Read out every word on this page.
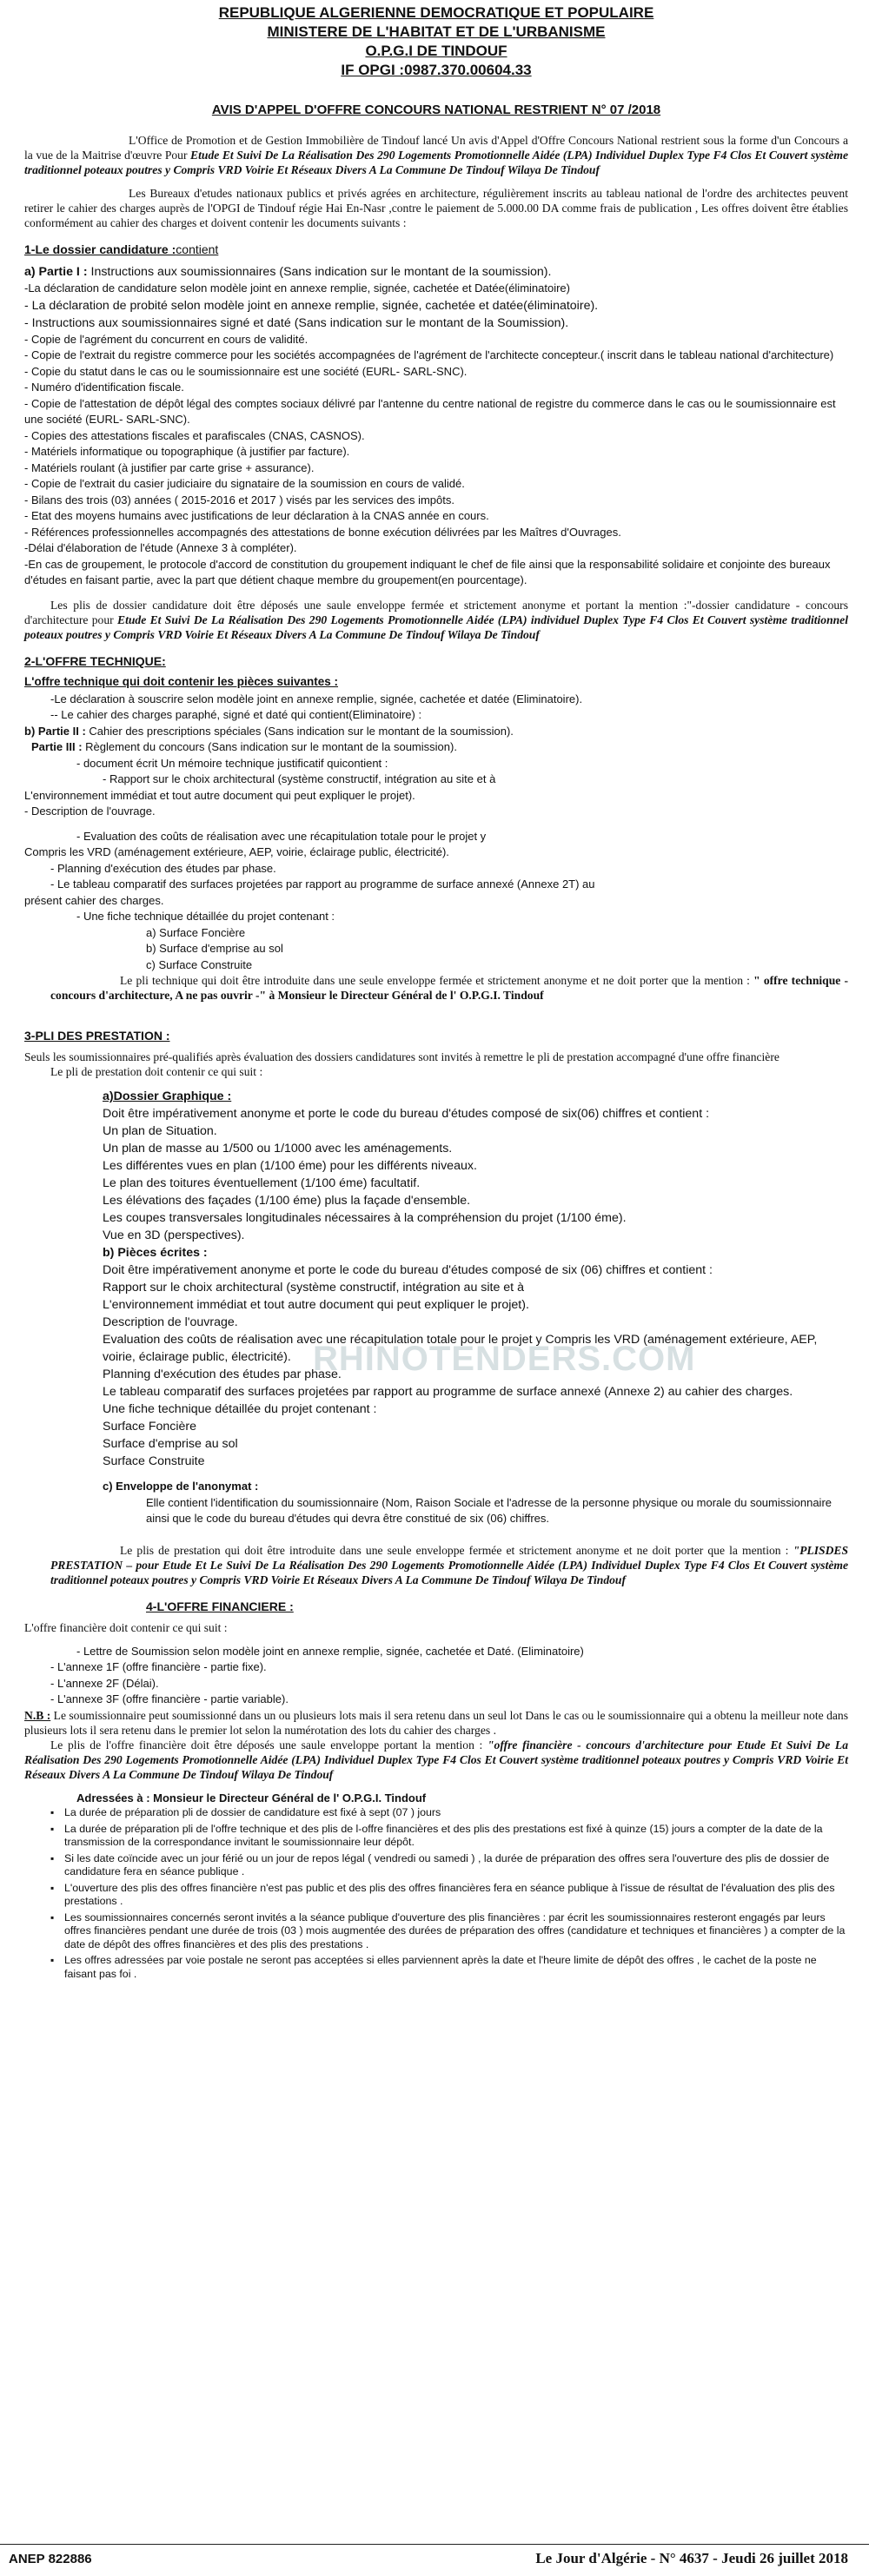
REPUBLIQUE ALGERIENNE DEMOCRATIQUE ET POPULAIRE
MINISTERE DE L'HABITAT ET DE L'URBANISME
O.P.G.I DE TINDOUF
IF OPGI :0987.370.00604.33
AVIS D'APPEL D'OFFRE CONCOURS NATIONAL RESTRIENT N° 07 /2018

L'Office de Promotion et de Gestion Immobilière de Tindouf lancé Un avis d'Appel d'Offre Concours National restrient sous la forme d'un Concours a la vue de la Maitrise d'œuvre Pour Etude Et Suivi De La Réalisation Des 290 Logements Promotionnelle Aidée (LPA) Individuel Duplex Type F4 Clos Et Couvert système traditionnel poteaux poutres y Compris VRD Voirie Et Réseaux Divers A La Commune De Tindouf Wilaya De Tindouf

Les Bureaux d'etudes nationaux publics et privés agrées en architecture, régulièrement inscrits au tableau national de l'ordre des architectes peuvent retirer le cahier des charges auprès de l'OPGI de Tindouf régie Hai En-Nasr ,contre le paiement de 5.000.00 DA comme frais de publication , Les offres doivent être établies conformément au cahier des charges et doivent contenir les documents suivants :

1-Le dossier candidature :contient
a) Partie I : Instructions aux soumissionnaires (Sans indication sur le montant de la soumission).
-La déclaration de candidature selon modèle joint en annexe remplie, signée, cachetée et Datée(éliminatoire)
- La déclaration de probité selon modèle joint en annexe remplie, signée, cachetée et datée(éliminatoire).
- Instructions aux soumissionnaires signé et daté (Sans indication sur le montant de la Soumission).
- Copie de l'agrément du concurrent en cours de validité.
- Copie de l'extrait du registre commerce pour les sociétés accompagnées de l'agrément de l'architecte concepteur.( inscrit dans le tableau national d'architecture)
- Copie du statut dans le cas ou le soumissionnaire est une société (EURL- SARL-SNC).
- Numéro d'identification fiscale.
- Copie de l'attestation de dépôt légal des comptes sociaux délivré par l'antenne du centre national de registre du commerce dans le cas ou le soumissionnaire est une société (EURL- SARL-SNC).
- Copies des attestations fiscales et parafiscales (CNAS, CASNOS).
- Matériels informatique ou topographique (à justifier par facture).
- Matériels roulant (à justifier par carte grise + assurance).
- Copie de l'extrait du casier judiciaire du signataire de la soumission en cours de validé.
- Bilans des trois (03) années ( 2015-2016 et 2017 ) visés par les services des impôts.
- Etat des moyens humains avec justifications de leur déclaration à la CNAS année en cours.
- Références professionnelles accompagnés des attestations de bonne exécution délivrées par les Maîtres d'Ouvrages.
-Délai d'élaboration de l'étude (Annexe 3 à compléter).
-En cas de groupement, le protocole d'accord de constitution du groupement indiquant le chef de file ainsi que la responsabilité solidaire et conjointe des bureaux d'études en faisant partie, avec la part que détient chaque membre du groupement(en pourcentage).

Les plis de dossier candidature doit être déposés une saule enveloppe fermée et strictement anonyme et portant la mention :"-dossier candidature - concours d'architecture pour Etude Et Suivi De La Réalisation Des 290 Logements Promotionnelle Aidée (LPA) individuel Duplex Type F4 Clos Et Couvert système traditionnel poteaux poutres y Compris VRD Voirie Et Réseaux Divers A La Commune De Tindouf Wilaya De Tindouf

2-L'OFFRE TECHNIQUE:
L'offre technique qui doit contenir les pièces suivantes :
-Le déclaration à souscrire selon modèle joint en annexe remplie, signée, cachetée et datée (Eliminatoire).
-- Le cahier des charges paraphé, signé et daté qui contient(Eliminatoire) :
b) Partie II : Cahier des prescriptions spéciales (Sans indication sur le montant de la soumission).
Partie III : Règlement du concours (Sans indication sur le montant de la soumission).
- document écrit Un mémoire technique justificatif quicontient :
- Rapport sur le choix architectural (système constructif, intégration au site et à
L'environnement immédiat et tout autre document qui peut expliquer le projet).
- Description de l'ouvrage.
- Evaluation des coûts de réalisation avec une récapitulation totale pour le projet y
Compris les VRD (aménagement extérieure, AEP, voirie, éclairage public, électricité).
- Planning d'exécution des études par phase.
- Le tableau comparatif des surfaces projetées par rapport au programme de surface annexé (Annexe 2T) au
présent cahier des charges.
- Une fiche technique détaillée du projet contenant :
a) Surface Foncière
b) Surface d'emprise au sol
c) Surface Construite

Le pli technique qui doit être introduite dans une seule enveloppe fermée et strictement anonyme et ne doit porter que la mention : " offre technique - concours d'architecture, A ne pas ouvrir -" à Monsieur le Directeur Général de l' O.P.G.I. Tindouf

3-PLI DES PRESTATION :

Seuls les soumissionnaires pré-qualifiés après évaluation des dossiers candidatures sont invités à remettre le pli de prestation accompagné d'une offre financière

Le pli de prestation doit contenir ce qui suit :

a)Dossier Graphique :
Doit être impérativement anonyme et porte le code du bureau d'études composé de six(06) chiffres et contient :
Un plan de Situation.
Un plan de masse au 1/500 ou 1/1000 avec les aménagements.
Les différentes vues en plan (1/100 éme) pour les différents niveaux.
Le plan des toitures éventuellement (1/100 éme) facultatif.
Les élévations des façades (1/100 éme) plus la façade d'ensemble.
Les coupes transversales longitudinales nécessaires à la compréhension du projet (1/100 éme).
Vue en 3D (perspectives).
b) Pièces écrites :
Doit être impérativement anonyme et porte le code du bureau d'études composé de six (06) chiffres et contient :
Rapport sur le choix architectural (système constructif, intégration au site et à
L'environnement immédiat et tout autre document qui peut expliquer le projet).
Description de l'ouvrage.
Evaluation des coûts de réalisation avec une récapitulation totale pour le projet y Compris les VRD (aménagement extérieure, AEP, voirie, éclairage public, électricité).
Planning d'exécution des études par phase.
Le tableau comparatif des surfaces projetées par rapport au programme de surface annexé (Annexe 2) au cahier des charges.
Une fiche technique détaillée du projet contenant :
Surface Foncière
Surface d'emprise au sol
Surface Construite
c) Enveloppe de l'anonymat :
Elle contient l'identification du soumissionnaire (Nom, Raison Sociale et l'adresse de la personne physique ou morale du soumissionnaire ainsi que le code du bureau d'études qui devra être constitué de six (06) chiffres.

Le plis de prestation qui doit être introduite dans une seule enveloppe fermée et strictement anonyme et ne doit porter que la mention : "PLISDES PRESTATION – pour Etude Et Le Suivi De La Réalisation Des 290 Logements Promotionnelle Aidée (LPA) Individuel Duplex Type F4 Clos Et Couvert système traditionnel poteaux poutres y Compris VRD Voirie Et Réseaux Divers A La Commune De Tindouf Wilaya De Tindouf

4-L'OFFRE FINANCIERE :

L'offre financière doit contenir ce qui suit :

- Lettre de Soumission selon modèle joint en annexe remplie, signée, cachetée et Daté. (Eliminatoire)
- L'annexe 1F (offre financière - partie fixe).
- L'annexe 2F (Délai).
- L'annexe 3F (offre financière - partie variable).

N.B : Le soumissionnaire peut soumissionné dans un ou plusieurs lots mais il sera retenu dans un seul lot Dans le cas ou le soumissionnaire qui a obtenu la meilleur note dans plusieurs lots il sera retenu dans le premier lot selon la numérotation des lots du cahier des charges .

Le plis de l'offre financière doit être déposés une saule enveloppe portant la mention : "offre financière - concours d'architecture pour Etude Et Suivi De La Réalisation Des 290 Logements Promotionnelle Aidée (LPA) Individuel Duplex Type F4 Clos Et Couvert système traditionnel poteaux poutres y Compris VRD Voirie Et Réseaux Divers A La Commune De Tindouf Wilaya De Tindouf

Adressées à : Monsieur le Directeur Général de l' O.P.G.I. Tindouf
▪ La durée de préparation pli de dossier de candidature est fixé à sept (07 ) jours
▪ La durée de préparation pli de l'offre technique et des plis de l-offre financières et des plis des prestations est fixé à quinze (15) jours a compter de la date de la transmission de la correspondance invitant le soumissionnaire leur dépôt.
▪ Si les date coïncide avec un jour férié ou un jour de repos légal ( vendredi ou samedi ) , la durée de préparation des offres sera l'ouverture des plis de dossier de candidature fera en séance publique .
▪ L'ouverture des plis des offres financière n'est pas public et des plis des offres financières fera en séance publique à l'issue de résultat de l'évaluation des plis des prestations .
▪ Les soumissionnaires concernés seront invités a la séance publique d'ouverture des plis financières : par écrit les soumissionnaires resteront engagés par leurs offres financières pendant une durée de trois (03 ) mois augmentée des durées de préparation des offres (candidature et techniques et financières ) a compter de la date de dépôt des offres financières et des plis des prestations .
▪ Les offres adressées par voie postale ne seront pas acceptées si elles parviennent après la date et l'heure limite de dépôt des offres , le cachet de la poste ne faisant pas foi .
RHINOTENDERS.COM
ANEP 822886	Le Jour d'Algérie - N° 4637 - Jeudi 26 juillet 2018
